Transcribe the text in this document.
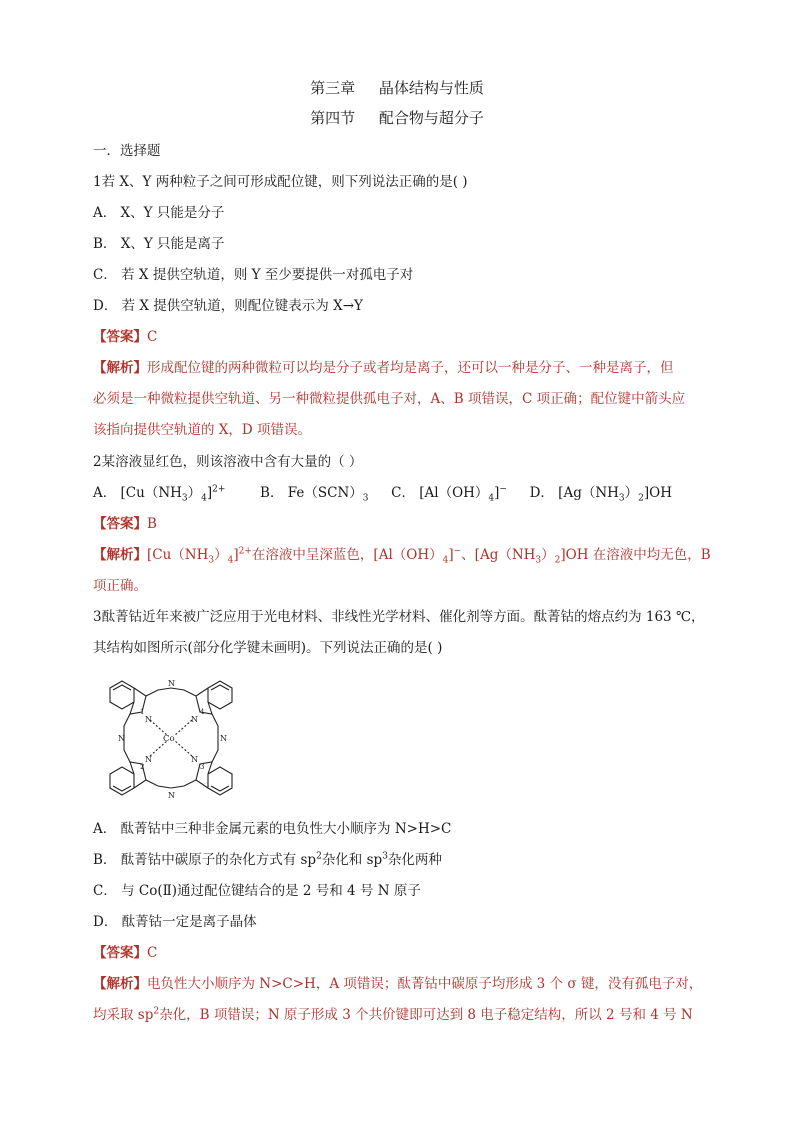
第三章     晶体结构与性质
第四节     配合物与超分子
一．选择题
1若 X、Y 两种粒子之间可形成配位键，则下列说法正确的是( )
A． X、Y 只能是分子
B． X、Y 只能是离子
C． 若 X 提供空轨道，则 Y 至少要提供一对孤电子对
D． 若 X 提供空轨道，则配位键表示为 X→Y
【答案】C
【解析】形成配位键的两种微粒可以均是分子或者均是离子，还可以一种是分子、一种是离子，但
必须是一种微粒提供空轨道、另一种微粒提供孤电子对，A、B 项错误，C 项正确；配位键中箭头应
该指向提供空轨道的 X，D 项错误。
2某溶液显红色，则该溶液中含有大量的（ ）
A． $[Cu(NH_3)_4]^{2+}$	B． $Fe(SCN)_3$ C． $[Al(OH)_4]^-$ D． $[Ag(NH_3)_2]OH$
【答案】B
【解析】$[Cu(NH_3)_4]^{2+}$在溶液中呈深蓝色，$[Al(OH)_4]^-$、$[Ag(NH_3)_2]OH$ 在溶液中均无色，B
项正确。
3酞菁钴近年来被广泛应用于光电材料、非线性光学材料、催化剂等方面。酞菁钴的熔点约为 163 ℃，
其结构如图所示(部分化学键未画明)。下列说法正确的是( )
N
N
N	N
N	N
N	N
Co
1	4
2	3
A． 酞菁钴中三种非金属元素的电负性大小顺序为 N>H>C
B． 酞菁钴中碳原子的杂化方式有 $sp^2$杂化和 $sp^3$杂化两种
C． 与 Co(Ⅱ)通过配位键结合的是 2 号和 4 号 N 原子
D． 酞菁钴一定是离子晶体
【答案】C
【解析】电负性大小顺序为 N>C>H，A 项错误；酞菁钴中碳原子均形成 3 个 σ 键，没有孤电子对，
均采取 $sp^2$杂化，B 项错误；N 原子形成 3 个共价键即可达到 8 电子稳定结构，所以 2 号和 4 号 N
